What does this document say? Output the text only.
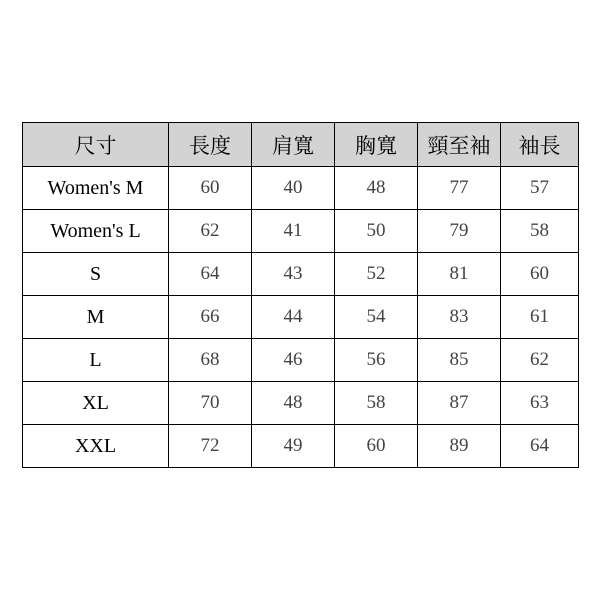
尺寸	長度	肩寬	胸寬	頸至袖	袖長
Women's M	60	40	48	77	57
Women's L	62	41	50	79	58
S	64	43	52	81	60
M	66	44	54	83	61
L	68	46	56	85	62
XL	70	48	58	87	63
XXL	72	49	60	89	64
